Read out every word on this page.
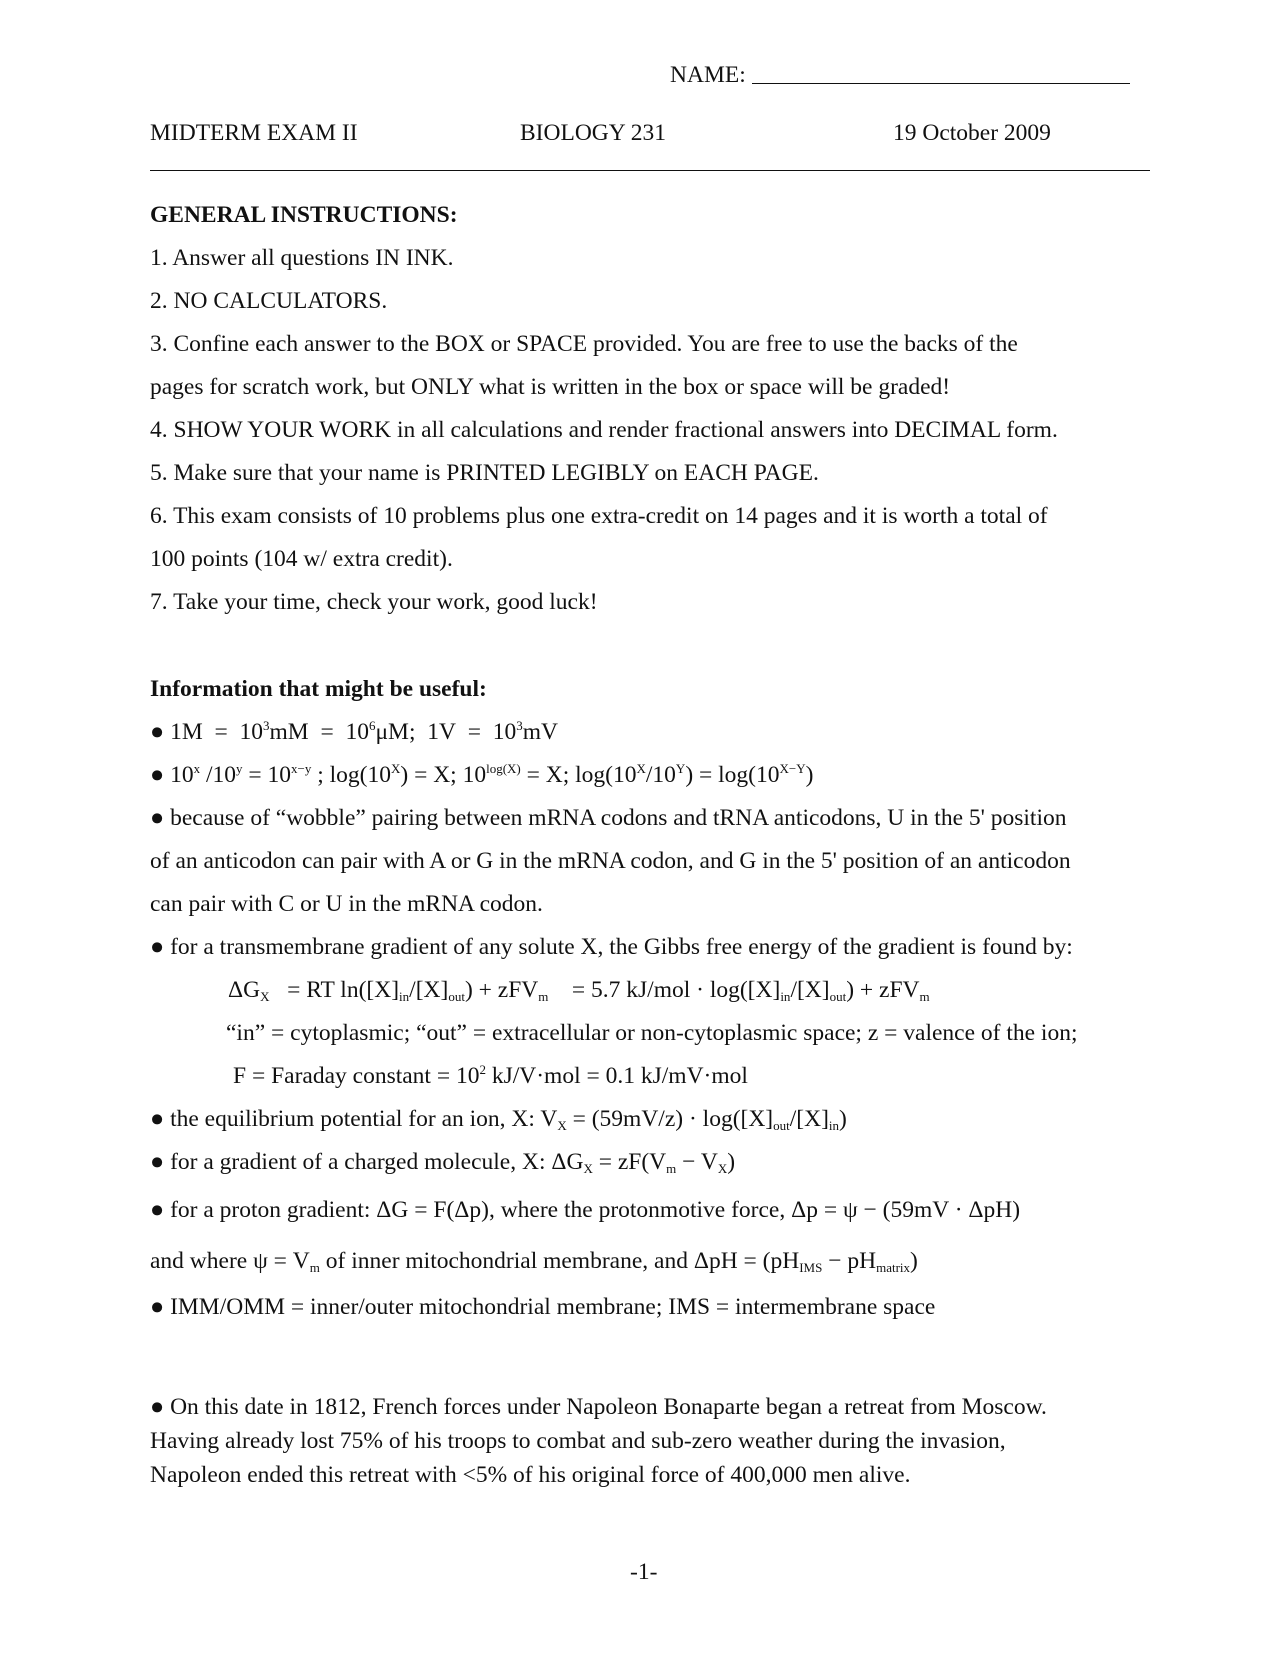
NAME:
MIDTERM EXAM II	BIOLOGY 231	19 October 2009
GENERAL INSTRUCTIONS:
1. Answer all questions IN INK.
2. NO CALCULATORS.
3. Confine each answer to the BOX or SPACE provided. You are free to use the backs of the
pages for scratch work, but ONLY what is written in the box or space will be graded!
4. SHOW YOUR WORK in all calculations and render fractional answers into DECIMAL form.
5. Make sure that your name is PRINTED LEGIBLY on EACH PAGE.
6. This exam consists of 10 problems plus one extra-credit on 14 pages and it is worth a total of
100 points (104 w/ extra credit).
7. Take your time, check your work, good luck!
Information that might be useful:
● $1M = 10^3mM = 10^6\mu M$; $1V = 10^3mV$
● 10$^x$ $/10^y = 10^{x-y}$ ; $\log(10^X) = X$; $10^{log(X)} = X$; $\log(10^X/10^Y) = \log(10^{X-Y})$
● because of “wobble” pairing between mRNA codons and tRNA anticodons, U in the 5' position
of an anticodon can pair with A or G in the mRNA codon, and G in the 5' position of an anticodon
can pair with C or U in the mRNA codon.
● for a transmembrane gradient of any solute X, the Gibbs free energy of the gradient is found by:
$\Delta G_X$ = RT $\ln([X]_{in}/[X]_{out}) + zFV_m = 5.7$ $kJ/mol \cdot \log([X]_{in}/[X]_{out}) + zFV_m$
“in” = cytoplasmic; “out” = extracellular or non-cytoplasmic space; z = valence of the ion;
F = Faraday constant = $10^2$ kJ/V·mol = 0.1 kJ/mV·mol
● the equilibrium potential for an ion, X: $V_X = (59mV/z) \cdot \log([X]_{out}/[X]_{in})$
● for a gradient of a charged molecule, X: $\Delta G_X = zF(V_m - V_X)$
● for a proton gradient: ΔG = F(Δp), where the protonmotive force, Δp = ψ − (59mV · ΔpH)
and where $\psi = V_m$ of inner mitochondrial membrane, and $\Delta pH = (pH_{IMS} - pH_{matrix})$
● IMM/OMM = inner/outer mitochondrial membrane; IMS = intermembrane space
● On this date in 1812, French forces under Napoleon Bonaparte began a retreat from Moscow.
Having already lost 75% of his troops to combat and sub-zero weather during the invasion,
Napoleon ended this retreat with <5% of his original force of 400,000 men alive.
-1-
